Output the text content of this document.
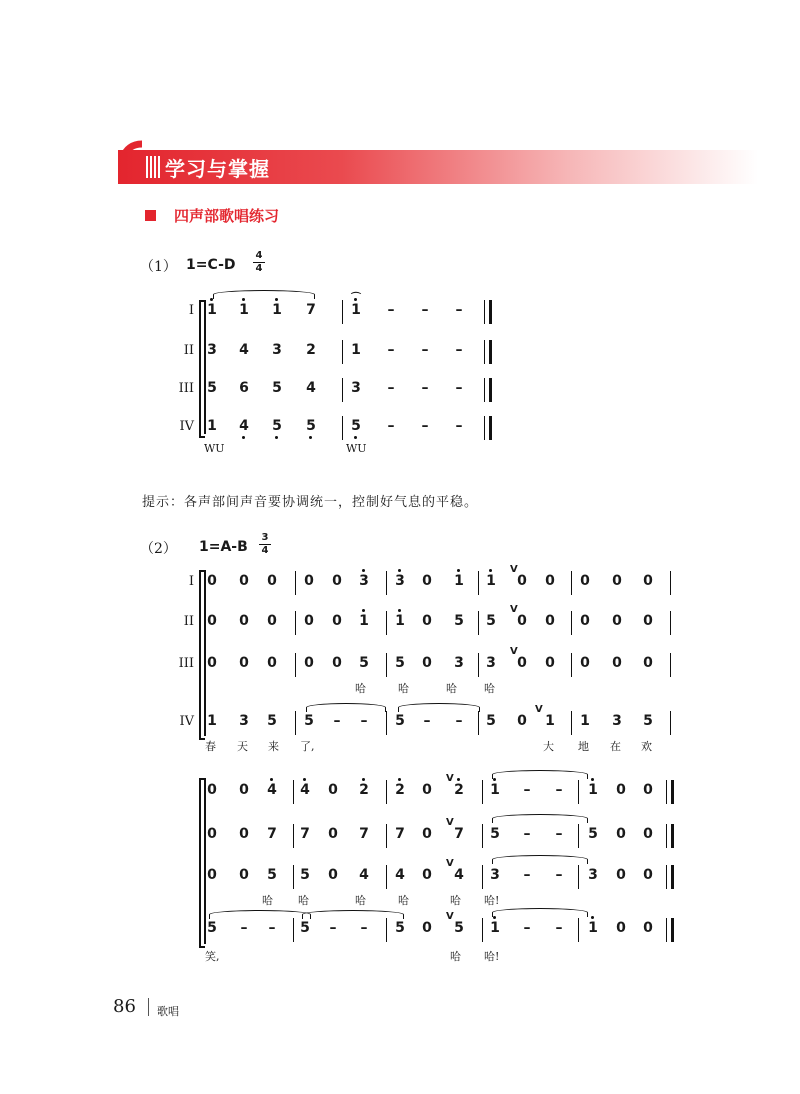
学习与掌握
四声部歌唱练习
（1） 1=C-D
4
4
I
II
III
IV
1 1 1 7	1 – – –
3 4 3 2	1 – – –
5 6 5 4	3 – – –
1 4 5 5	5 – – –
⌒
WU	WU
提示：各声部间声音要协调统一，控制好气息的平稳。
（2） 1=A-B
3
4
I
II
III
IV
0 0 0 0 0 3 3 0 1 1 0 0 0 0 0
0 0 0 0 0 1 1 0 5 5 0 0 0 0 0
0 0 0 0 0 5 5 0 3 3 0 0 0 0 0
1 3 5 5 – – 5 – – 5 0 1 1 3 5
V
V
V
V
哈	哈	哈 哈
春 天 来 了,	大 地 在 欢
0 0 4 4 0 2 2 0 2 1 – – 1 0 0
0 0 7 7 0 7 7 0 7 5 – – 5 0 0
0 0 5 5 0 4 4 0 4 3 – – 3 0 0
5 – – 5 – – 5 0 5 1 – – 1 0 0
V
V
V
V
哈 哈	哈	哈	哈 哈!
笑,	哈 哈!
86 歌唱
